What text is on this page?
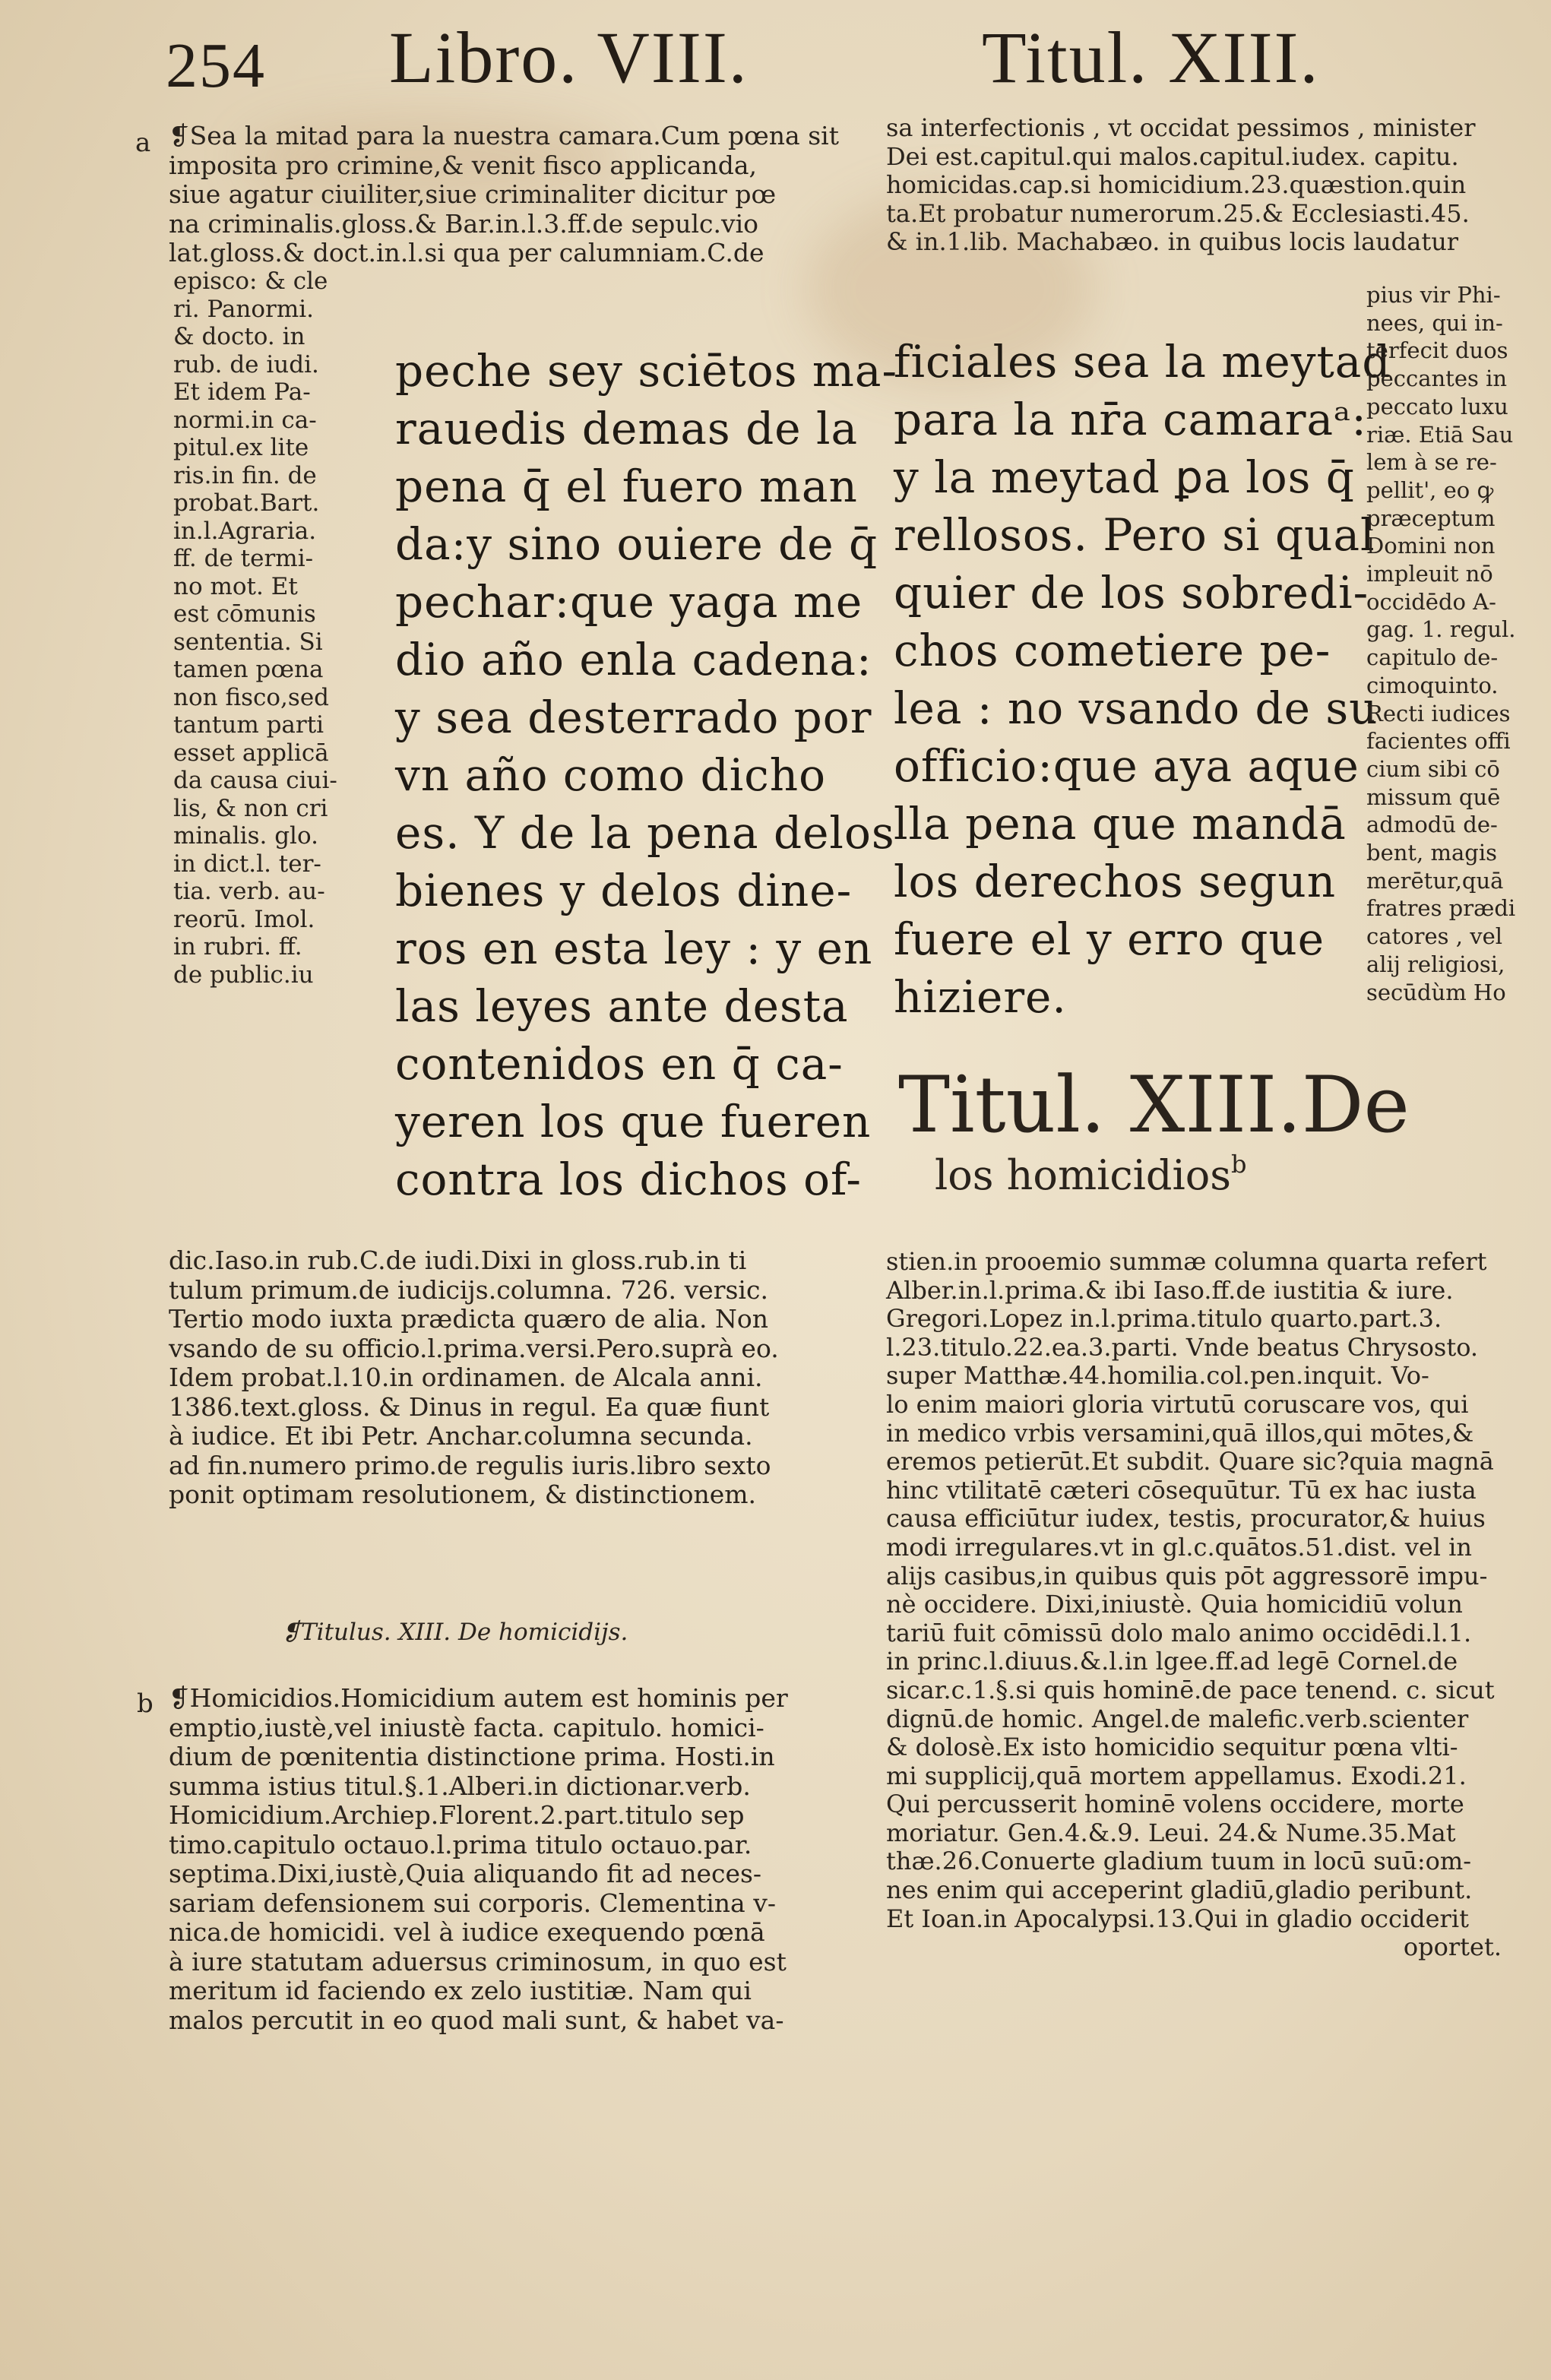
254 Libro. VIII.	Titul. XIII.
a ❡Sea la mitad para la nuestra camara.Cum pœna sit
imposita pro crimine,& venit fisco applicanda,
siue agatur ciuiliter,siue criminaliter dicitur pœ
na criminalis.gloss.& Bar.in.l.3.ff.de sepulc.vio
lat.gloss.& doct.in.l.si qua per calumniam.C.de
episco: & cle
ri. Panormi.
& docto. in
rub. de iudi.
Et idem Pa-
normi.in ca-
pitul.ex lite
ris.in fin. de
probat.Bart.
in.l.Agraria.
ff. de termi-
no mot. Et
est cōmunis
sententia. Si
tamen pœna
non fisco,sed
tantum parti
esset applicā
da causa ciui-
lis, & non cri
minalis. glo.
in dict.l. ter-
tia. verb. au-
reorū. Imol.
in rubri. ff.
de public.iu
peche sey sciētos ma-
rauedis demas de la
pena q̄ el fuero man
da:y sino ouiere de q̄
pechar:que yaga me
dio año enla cadena:
y sea desterrado por
vn año como dicho
es. Y de la pena delos
bienes y delos dine-
ros en esta ley : y en
las leyes ante desta
contenidos en q̄ ca-
yeren los que fueren
contra los dichos of-
dic.Iaso.in rub.C.de iudi.Dixi in gloss.rub.in ti
tulum primum.de iudicijs.columna. 726. versic.
Tertio modo iuxta prædicta quæro de alia. Non
vsando de su officio.l.prima.versi.Pero.suprà eo.
Idem probat.l.10.in ordinamen. de Alcala anni.
1386.text.gloss. & Dinus in regul. Ea quæ fiunt
à iudice. Et ibi Petr. Anchar.columna secunda.
ad fin.numero primo.de regulis iuris.libro sexto
ponit optimam resolutionem, & distinctionem.
❡Titulus. XIII. De homicidijs.
b ❡Homicidios.Homicidium autem est hominis per
emptio,iustè,vel iniustè facta. capitulo. homici-
dium de pœnitentia distinctione prima. Hosti.in
summa istius titul.§.1.Alberi.in dictionar.verb.
Homicidium.Archiep.Florent.2.part.titulo sep
timo.capitulo octauo.l.prima titulo octauo.par.
septima.Dixi,iustè,Quia aliquando fit ad neces-
sariam defensionem sui corporis. Clementina v-
nica.de homicidi. vel à iudice exequendo pœnā
à iure statutam aduersus criminosum, in quo est
meritum id faciendo ex zelo iustitiæ. Nam qui
malos percutit in eo quod mali sunt, & habet va-
sa interfectionis , vt occidat pessimos , minister
Dei est.capitul.qui malos.capitul.iudex. capitu.
homicidas.cap.si homicidium.23.quæstion.quin
ta.Et probatur numerorum.25.& Ecclesiasti.45.
& in.1.lib. Machabæo. in quibus locis laudatur
ficiales sea la meytad
para la nr̄a camaraᵃ:
y la meytad ꝑa los q̄
rellosos. Pero si qual
quier de los sobredi-
chos cometiere pe-
lea : no vsando de su
officio:que aya aque
lla pena que mandā
los derechos segun
fuere el y erro que
hiziere.
Titul. XIII.De
los homicidios$^b$
pius vir Phi-
nees, qui in-
terfecit duos
peccantes in
peccato luxu
riæ. Etiā Sau
lem à se re-
pellit', eo ꝙ
præceptum
Domini non
impleuit nō
occidēdo A-
gag. 1. regul.
capitulo de-
cimoquinto.
Recti iudices
facientes offi
cium sibi cō
missum quē
admodū de-
bent, magis
merētur,quā
fratres prædi
catores , vel
alij religiosi,
secūdùm Ho
stien.in prooemio summæ columna quarta refert
Alber.in.l.prima.& ibi Iaso.ff.de iustitia & iure.
Gregori.Lopez in.l.prima.titulo quarto.part.3.
l.23.titulo.22.ea.3.parti. Vnde beatus Chrysosto.
super Matthæ.44.homilia.col.pen.inquit. Vo-
lo enim maiori gloria virtutū coruscare vos, qui
in medico vrbis versamini,quā illos,qui mōtes,&
eremos petierūt.Et subdit. Quare sic?quia magnā
hinc vtilitatē cæteri cōsequūtur. Tū ex hac iusta
causa efficiūtur iudex, testis, procurator,& huius
modi irregulares.vt in gl.c.quātos.51.dist. vel in
alijs casibus,in quibus quis pōt aggressorē impu-
nè occidere. Dixi,iniustè. Quia homicidiū volun
tariū fuit cōmissū dolo malo animo occidēdi.l.1.
in princ.l.diuus.&.l.in lgee.ff.ad legē Cornel.de
sicar.c.1.§.si quis hominē.de pace tenend. c. sicut
dignū.de homic. Angel.de malefic.verb.scienter
& dolosè.Ex isto homicidio sequitur pœna vlti-
mi supplicij,quā mortem appellamus. Exodi.21.
Qui percusserit hominē volens occidere, morte
moriatur. Gen.4.&.9. Leui. 24.& Nume.35.Mat
thæ.26.Conuerte gladium tuum in locū suū:om-
nes enim qui acceperint gladiū,gladio peribunt.
Et Ioan.in Apocalypsi.13.Qui in gladio occiderit
oportet.
